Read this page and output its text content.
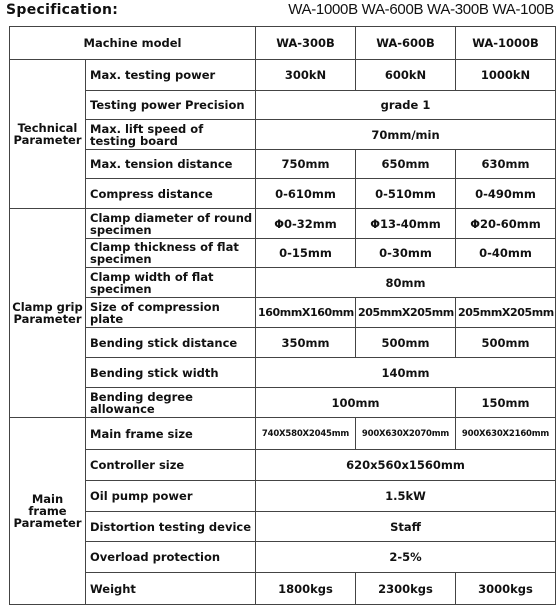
Specification:	WA-1000B WA-600B WA-300B WA-100B
Machine model		WA-300B	WA-600B	WA-1000B
Technical Parameter	Max. testing power	300kN	600kN	1000kN
	Testing power Precision	grade 1		
	Max. lift speed of testing board	70mm/min		
	Max. tension distance	750mm	650mm	630mm
	Compress distance	0-610mm	0-510mm	0-490mm
Clamp grip Parameter	Clamp diameter of round specimen	Φ0-32mm	Φ13-40mm	Φ20-60mm
	Clamp thickness of flat specimen	0-15mm	0-30mm	0-40mm
	Clamp width of flat specimen	80mm		
	Size of compression plate	160mmX160mm	205mmX205mm	205mmX205mm
	Bending stick distance	350mm	500mm	500mm
	Bending stick width	140mm		
	Bending degree allowance	100mm		150mm
Main frame Parameter	Main frame size	740X580X2045mm	900X630X2070mm	900X630X2160mm
	Controller size	620x560x1560mm		
	Oil pump power	1.5kW		
	Distortion testing device	Staff		
	Overload protection	2-5%		
	Weight	1800kgs	2300kgs	3000kgs
